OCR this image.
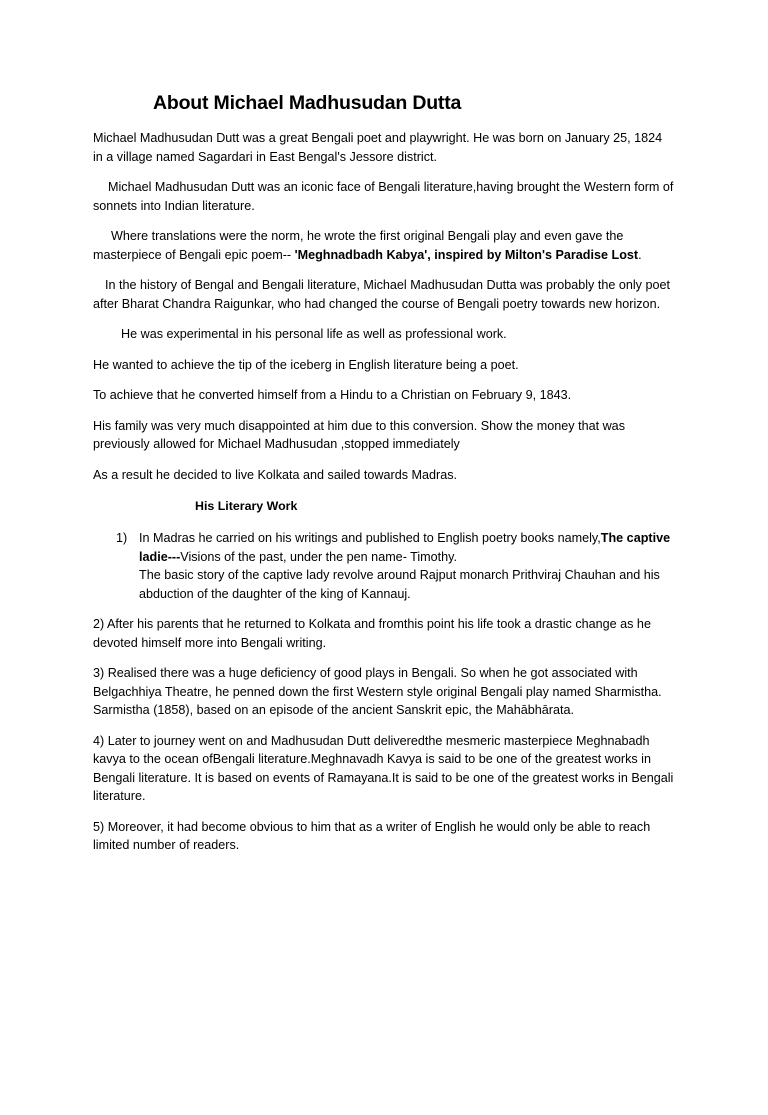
About Michael Madhusudan Dutta

Michael Madhusudan Dutt was a great Bengali poet and playwright. He was born on January 25, 1824 in a village named Sagardari in East Bengal's Jessore district.

Michael Madhusudan Dutt was an iconic face of Bengali literature,having brought the Western form of sonnets into Indian literature.

Where translations were the norm, he wrote the first original Bengali play and even gave the masterpiece of Bengali epic poem-- 'Meghnadbadh Kabya', inspired by Milton's Paradise Lost.

In the history of Bengal and Bengali literature, Michael Madhusudan Dutta was probably the only poet after Bharat Chandra Raigunkar, who had changed the course of Bengali poetry towards new horizon.

He was experimental in his personal life as well as professional work.

He wanted to achieve the tip of the iceberg in English literature being a poet.

To achieve that he converted himself from a Hindu to a Christian on February 9, 1843.

His family was very much disappointed at him due to this conversion. Show the money that was previously allowed for Michael Madhusudan ,stopped immediately

As a result he decided to live Kolkata and sailed towards Madras.

His Literary Work
1) In Madras he carried on his writings and published to English poetry books namely,The captive ladie---Visions of the past, under the pen name- Timothy.
The basic story of the captive lady revolve around Rajput monarch Prithviraj Chauhan and his abduction of the daughter of the king of Kannauj.

2) After his parents that he returned to Kolkata and fromthis point his life took a drastic change as he devoted himself more into Bengali writing.

3) Realised there was a huge deficiency of good plays in Bengali. So when he got associated with Belgachhiya Theatre, he penned down the first Western style original Bengali play named Sharmistha. Sarmistha (1858), based on an episode of the ancient Sanskrit epic, the Mahābhārata.

4) Later to journey went on and Madhusudan Dutt deliveredthe mesmeric masterpiece Meghnabadh kavya to the ocean ofBengali literature.Meghnavadh Kavya is said to be one of the greatest works in Bengali literature. It is based on events of Ramayana.It is said to be one of the greatest works in Bengali literature.

5) Moreover, it had become obvious to him that as a writer of English he would only be able to reach limited number of readers.
